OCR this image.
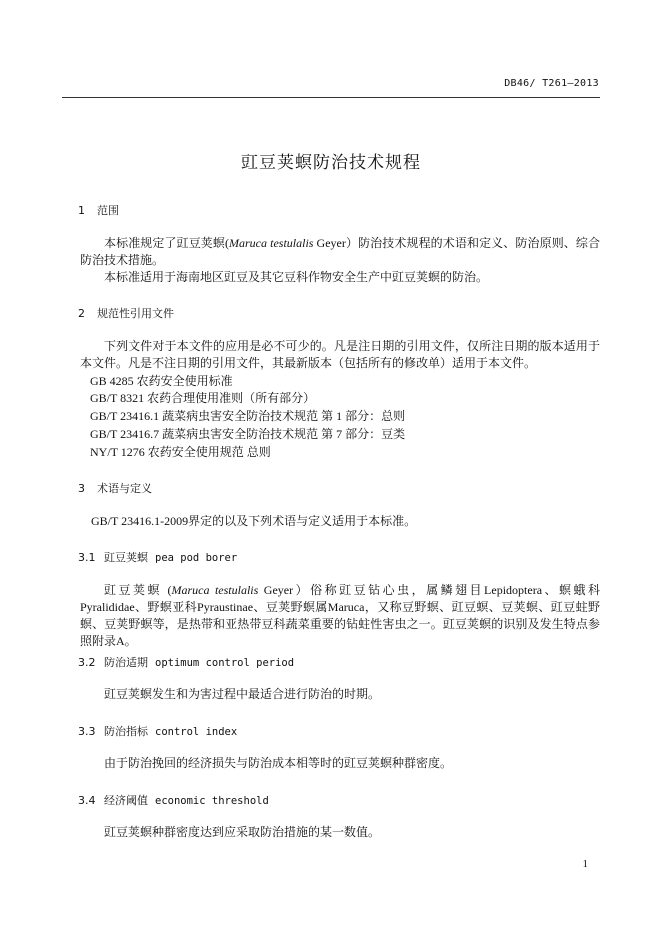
DB46/ T261—2013
豇豆荚螟防治技术规程
1 范围
本标准规定了豇豆荚螟(Maruca testulalis Geyer）防治技术规程的术语和定义、防治原则、综合防治技术措施。
本标准适用于海南地区豇豆及其它豆科作物安全生产中豇豆荚螟的防治。
2 规范性引用文件
下列文件对于本文件的应用是必不可少的。凡是注日期的引用文件，仅所注日期的版本适用于本文件。凡是不注日期的引用文件，其最新版本（包括所有的修改单）适用于本文件。
GB 4285 农药安全使用标准
GB/T 8321 农药合理使用准则（所有部分）
GB/T 23416.1 蔬菜病虫害安全防治技术规范 第 1 部分：总则
GB/T 23416.7 蔬菜病虫害安全防治技术规范 第 7 部分：豆类
NY/T 1276 农药安全使用规范 总则
3 术语与定义
GB/T 23416.1-2009界定的以及下列术语与定义适用于本标准。
3.1 豇豆荚螟 pea pod borer
豇豆荚螟 (Maruca testulalis Geyer）俗称豇豆钻心虫，属鳞翅目Lepidoptera、螟蛾科Pyralididae、野螟亚科Pyraustinae、豆荚野螟属Maruca，又称豆野螟、豇豆螟、豆荚螟、豇豆蛀野螟、豆荚野螟等，是热带和亚热带豆科蔬菜重要的钻蛀性害虫之一。豇豆荚螟的识别及发生特点参照附录A。
3.2 防治适期 optimum control period
豇豆荚螟发生和为害过程中最适合进行防治的时期。
3.3 防治指标 control index
由于防治挽回的经济损失与防治成本相等时的豇豆荚螟种群密度。
3.4 经济阈值 economic threshold
豇豆荚螟种群密度达到应采取防治措施的某一数值。
1
